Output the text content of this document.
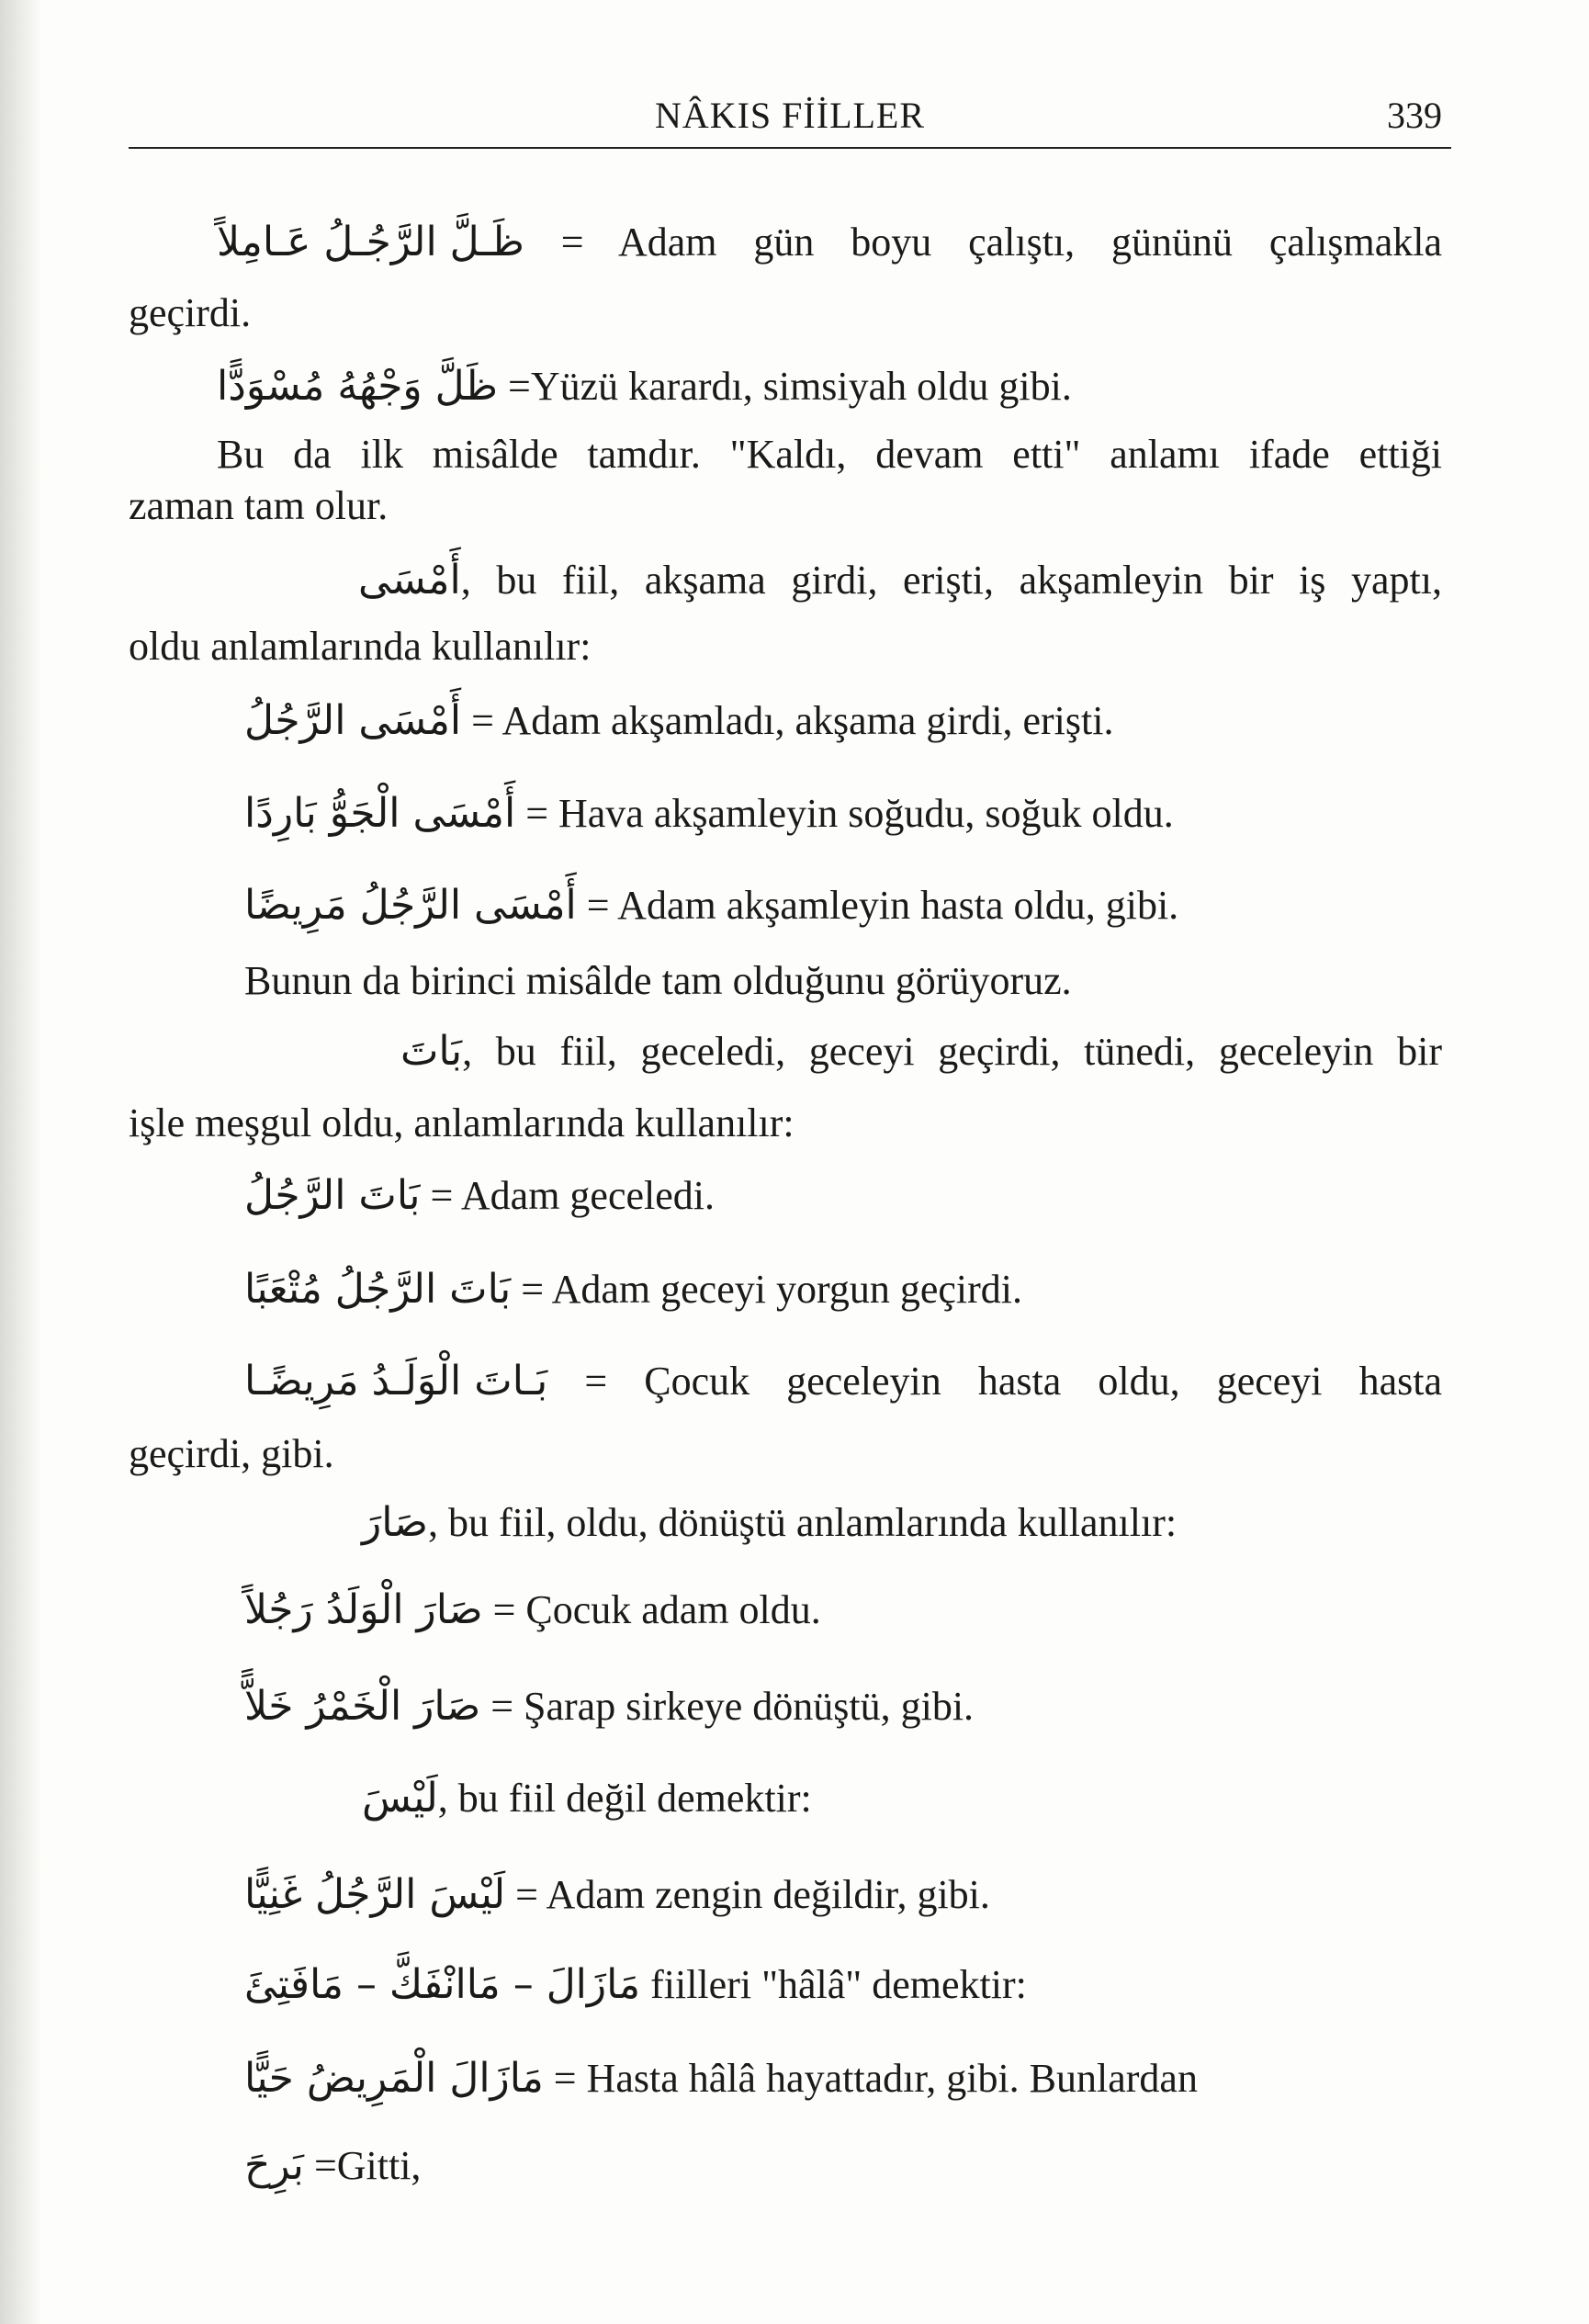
NÂKIS FİİLLER	339
ظَـلَّ الرَّجُـلُ عَـامِلاً = Adam gün boyu çalıştı, gününü çalışmakla
geçirdi.
ظَلَّ وَجْهُهُ مُسْوَدًّا =Yüzü karardı, simsiyah oldu gibi.
Bu da ilk misâlde tamdır. "Kaldı, devam etti" anlamı ifade ettiği
zaman tam olur.
أَمْسَى, bu fiil, akşama girdi, erişti, akşamleyin bir iş yaptı,
oldu anlamlarında kullanılır:
أَمْسَى الرَّجُلُ = Adam akşamladı, akşama girdi, erişti.
أَمْسَى الْجَوُّ بَارِدًا = Hava akşamleyin soğudu, soğuk oldu.
أَمْسَى الرَّجُلُ مَرِيضًا = Adam akşamleyin hasta oldu, gibi.
Bunun da birinci misâlde tam olduğunu görüyoruz.
بَاتَ, bu fiil, geceledi, geceyi geçirdi, tünedi, geceleyin bir
işle meşgul oldu, anlamlarında kullanılır:
بَاتَ الرَّجُلُ = Adam geceledi.
بَاتَ الرَّجُلُ مُتْعَبًا = Adam geceyi yorgun geçirdi.
بَـاتَ الْوَلَـدُ مَرِيضًـا = Çocuk geceleyin hasta oldu, geceyi hasta
geçirdi, gibi.
صَارَ, bu fiil, oldu, dönüştü anlamlarında kullanılır:
صَارَ الْوَلَدُ رَجُلاً = Çocuk adam oldu.
صَارَ الْخَمْرُ خَلاًّ = Şarap sirkeye dönüştü, gibi.
لَيْسَ, bu fiil değil demektir:
لَيْسَ الرَّجُلُ غَنِيًّا = Adam zengin değildir, gibi.
مَازَالَ – مَاانْفَكَّ – مَافَتِئَ fiilleri "hâlâ" demektir:
مَازَالَ الْمَرِيضُ حَيًّا = Hasta hâlâ hayattadır, gibi. Bunlardan
بَرِحَ =Gitti,
